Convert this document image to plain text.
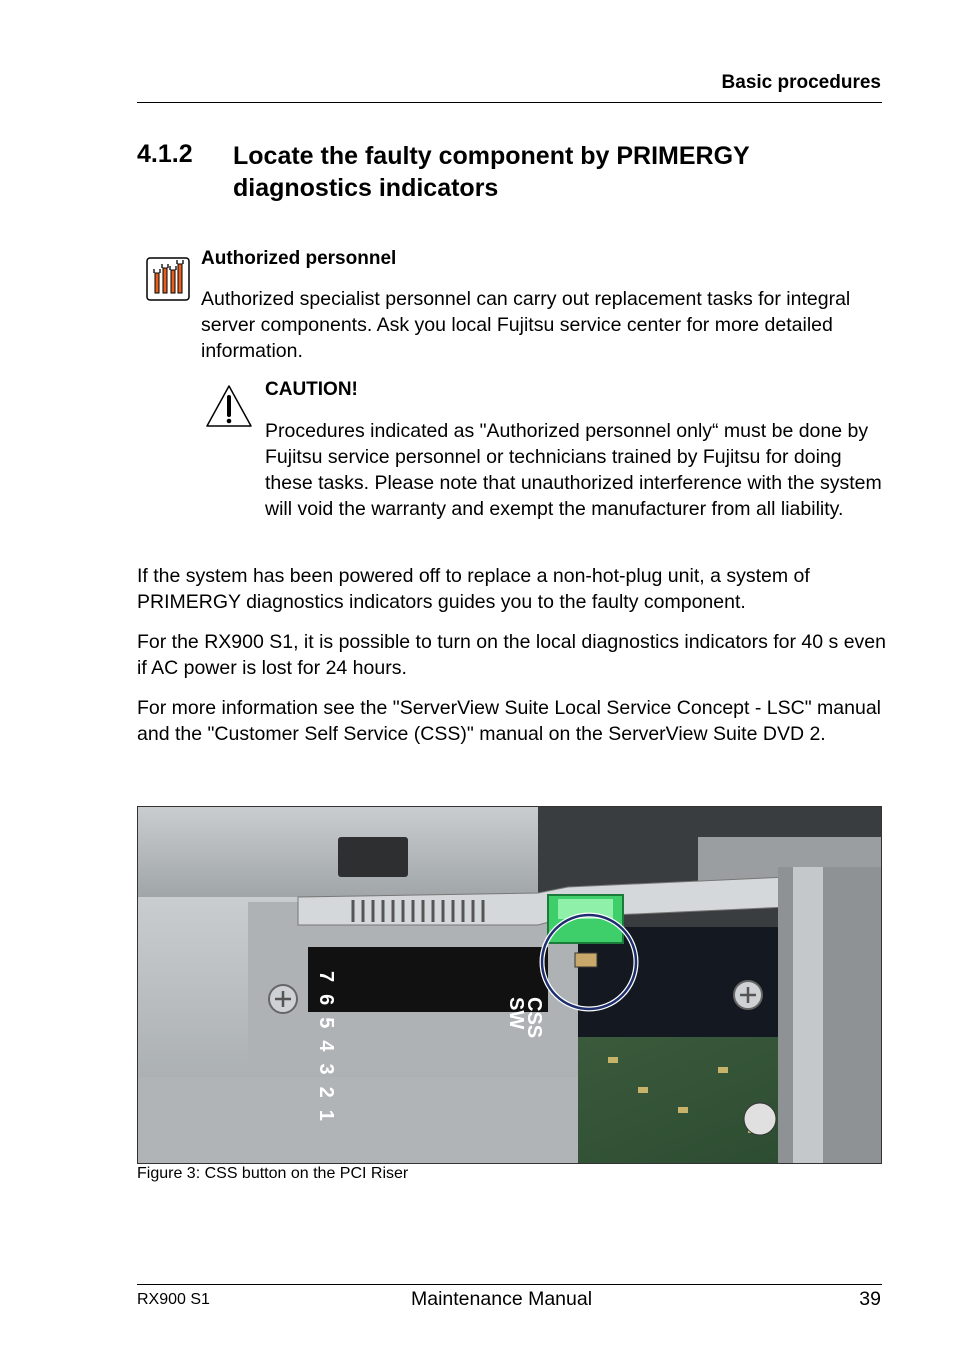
Basic procedures
4.1.2 Locate the faulty component by PRIMERGY diagnostics indicators
Authorized personnel
Authorized specialist personnel can carry out replacement tasks for integral server components. Ask you local Fujitsu service center for more detailed information.
CAUTION!
Procedures indicated as "Authorized personnel only“ must be done by Fujitsu service personnel or technicians trained by Fujitsu for doing these tasks. Please note that unauthorized interference with the system will void the warranty and exempt the manufacturer from all liability.
If the system has been powered off to replace a non-hot-plug unit, a system of PRIMERGY diagnostics indicators guides you to the faulty component.
For the RX900 S1, it is possible to turn on the local diagnostics indicators for 40 s even if AC power is lost for 24 hours.
For more information see the "ServerView Suite Local Service Concept - LSC" manual and the "Customer Self Service (CSS)" manual on the ServerView Suite DVD 2.
CSS
SW
7654321
Figure 3: CSS button on the PCI Riser
RX900 S1	Maintenance Manual	39
